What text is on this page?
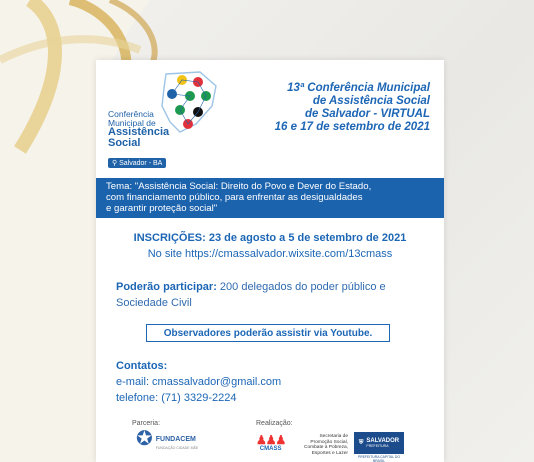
Conferência
Municipal de
Assistência
Social
⚲ Salvador - BA
13ª Conferência Municipal
de Assistência Social
de Salvador - VIRTUAL
16 e 17 de setembro de 2021
Tema: "Assistência Social: Direito do Povo e Dever do Estado,
com financiamento público, para enfrentar as desigualdades
e garantir proteção social"
INSCRIÇÕES: 23 de agosto a 5 de setembro de 2021
No site https://cmassalvador.wixsite.com/13cmass
Poderão participar: 200 delegados do poder público e Sociedade Civil
Observadores poderão assistir via Youtube.
Contatos:
e-mail: cmassalvador@gmail.com
telefone: (71) 3329-2224
Parceria:
✪ FUNDACEM
FUNDAÇÃO CIDADE MÃE
Realização:
♟♟♟
CMASS
Secretaria de Promoção Social, Combate à Pobreza, Esportes e Lazer
⛨ SALVADOR
PREFEITURA
PREFEITURA CAPITAL DO BRASIL
